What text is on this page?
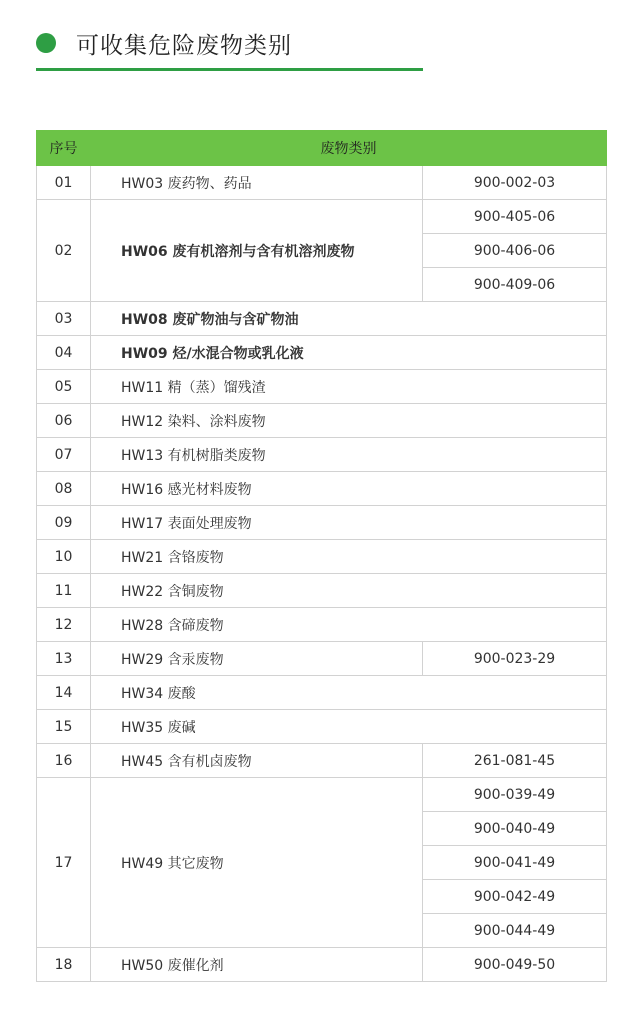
可收集危险废物类别
序号	废物类别	
01	HW03 废药物、药品	900-002-03
02	HW06 废有机溶剂与含有机溶剂废物	900-405-06
		900-406-06
		900-409-06
03	HW08 废矿物油与含矿物油	
04	HW09 烃/水混合物或乳化液	
05	HW11 精（蒸）馏残渣	
06	HW12 染料、涂料废物	
07	HW13 有机树脂类废物	
08	HW16 感光材料废物	
09	HW17 表面处理废物	
10	HW21 含铬废物	
11	HW22 含铜废物	
12	HW28 含碲废物	
13	HW29 含汞废物	900-023-29
14	HW34 废酸	
15	HW35 废碱	
16	HW45 含有机卤废物	261-081-45
17	HW49 其它废物	900-039-49
		900-040-49
		900-041-49
		900-042-49
		900-044-49
18	HW50 废催化剂	900-049-50
